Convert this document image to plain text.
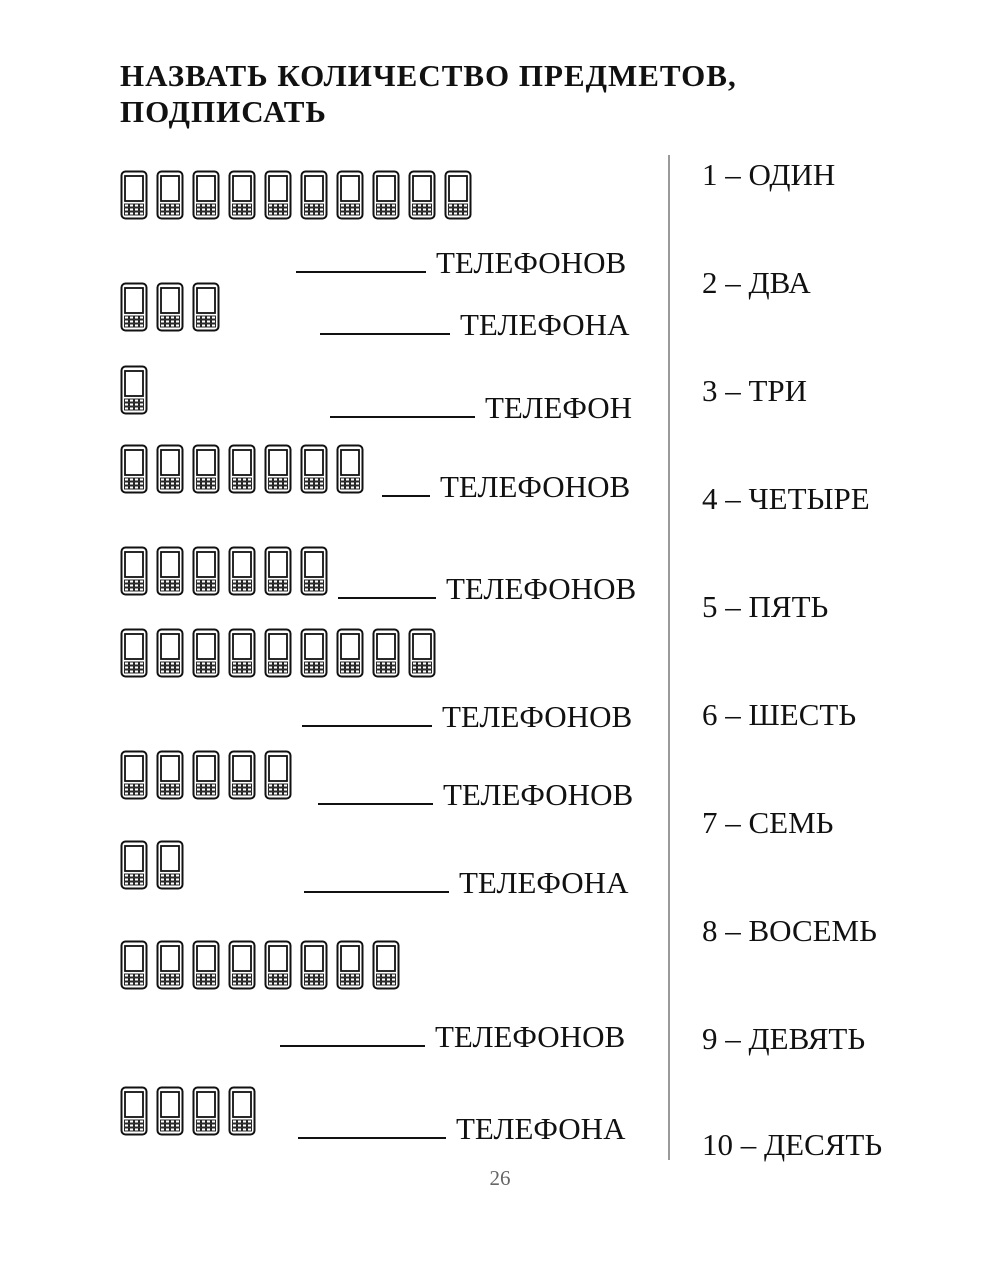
НАЗВАТЬ КОЛИЧЕСТВО ПРЕДМЕТОВ,
ПОДПИСАТЬ
ТЕЛЕФОНОВ
ТЕЛЕФОНА
ТЕЛЕФОН
ТЕЛЕФОНОВ
ТЕЛЕФОНОВ
ТЕЛЕФОНОВ
ТЕЛЕФОНОВ
ТЕЛЕФОНА
ТЕЛЕФОНОВ
ТЕЛЕФОНА
1 – ОДИН
2 – ДВА
3 – ТРИ
4 – ЧЕТЫРЕ
5 – ПЯТЬ
6 – ШЕСТЬ
7 – СЕМЬ
8 – ВОСЕМЬ
9 – ДЕВЯТЬ
10 – ДЕСЯТЬ
26
